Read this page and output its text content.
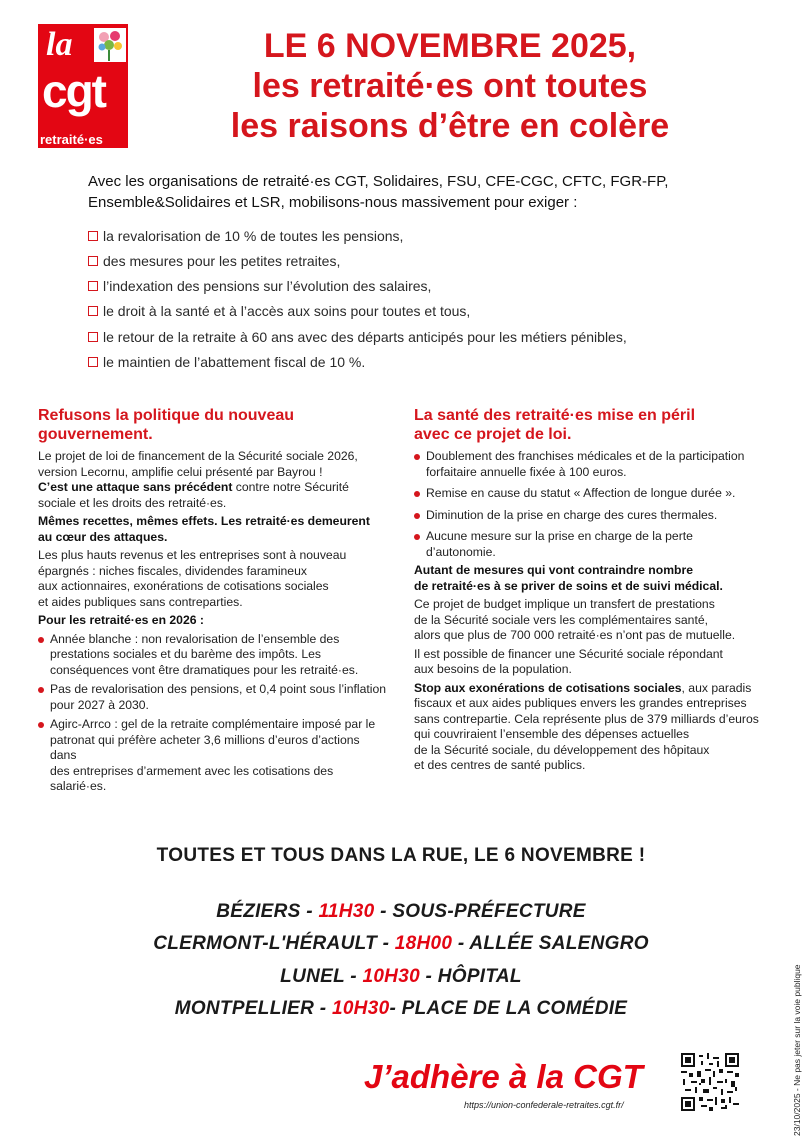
la
cgt
retraité·es
LE 6 NOVEMBRE 2025,
les retraité·es ont toutes
les raisons d’être en colère
Avec les organisations de retraité·es CGT, Solidaires, FSU, CFE-CGC, CFTC, FGR-FP, Ensemble&Solidaires et LSR, mobilisons-nous massivement pour exiger :
la revalorisation de 10 % de toutes les pensions,
des mesures pour les petites retraites,
l’indexation des pensions sur l’évolution des salaires,
le droit à la santé et à l’accès aux soins pour toutes et tous,
le retour de la retraite à 60 ans avec des départs anticipés pour les métiers pénibles,
le maintien de l’abattement fiscal de 10 %.
Refusons la politique du nouveau
gouvernement.
Le projet de loi de financement de la Sécurité sociale 2026,
version Lecornu, amplifie celui présenté par Bayrou !
C’est une attaque sans précédent contre notre Sécurité
sociale et les droits des retraité·es.
Mêmes recettes, mêmes effets. Les retraité·es demeurent
au cœur des attaques.
Les plus hauts revenus et les entreprises sont à nouveau
épargnés : niches fiscales, dividendes faramineux
aux actionnaires, exonérations de cotisations sociales
et aides publiques sans contreparties.
Pour les retraité·es en 2026 :
Année blanche : non revalorisation de l’ensemble des
prestations sociales et du barème des impôts. Les
conséquences vont être dramatiques pour les retraité·es.
Pas de revalorisation des pensions, et 0,4 point sous l’inflation
pour 2027 à 2030.
Agirc-Arrco : gel de la retraite complémentaire imposé par le
patronat qui préfère acheter 3,6 millions d’euros d’actions dans
des entreprises d’armement avec les cotisations des salarié·es.
La santé des retraité·es mise en péril
avec ce projet de loi.
Doublement des franchises médicales et de la participation
forfaitaire annuelle fixée à 100 euros.
Remise en cause du statut « Affection de longue durée ».
Diminution de la prise en charge des cures thermales.
Aucune mesure sur la prise en charge de la perte
d’autonomie.
Autant de mesures qui vont contraindre nombre
de retraité·es à se priver de soins et de suivi médical.
Ce projet de budget implique un transfert de prestations
de la Sécurité sociale vers les complémentaires santé,
alors que plus de 700 000 retraité·es n’ont pas de mutuelle.
Il est possible de financer une Sécurité sociale répondant
aux besoins de la population.
Stop aux exonérations de cotisations sociales, aux paradis
fiscaux et aux aides publiques envers les grandes entreprises
sans contrepartie. Cela représente plus de 379 milliards d’euros
qui couvriraient l’ensemble des dépenses actuelles
de la Sécurité sociale, du développement des hôpitaux
et des centres de santé publics.
TOUTES ET TOUS DANS LA RUE, LE 6 NOVEMBRE !
BÉZIERS - 11H30 - SOUS-PRÉFECTURE
CLERMONT-L'HÉRAULT - 18H00 - ALLÉE SALENGRO
LUNEL - 10H30 - HÔPITAL
MONTPELLIER - 10H30- PLACE DE LA COMÉDIE
J’adhère à la CGT
https://union-confederale-retraites.cgt.fr/	23/10/2025 - Ne pas jeter sur la voie publique
